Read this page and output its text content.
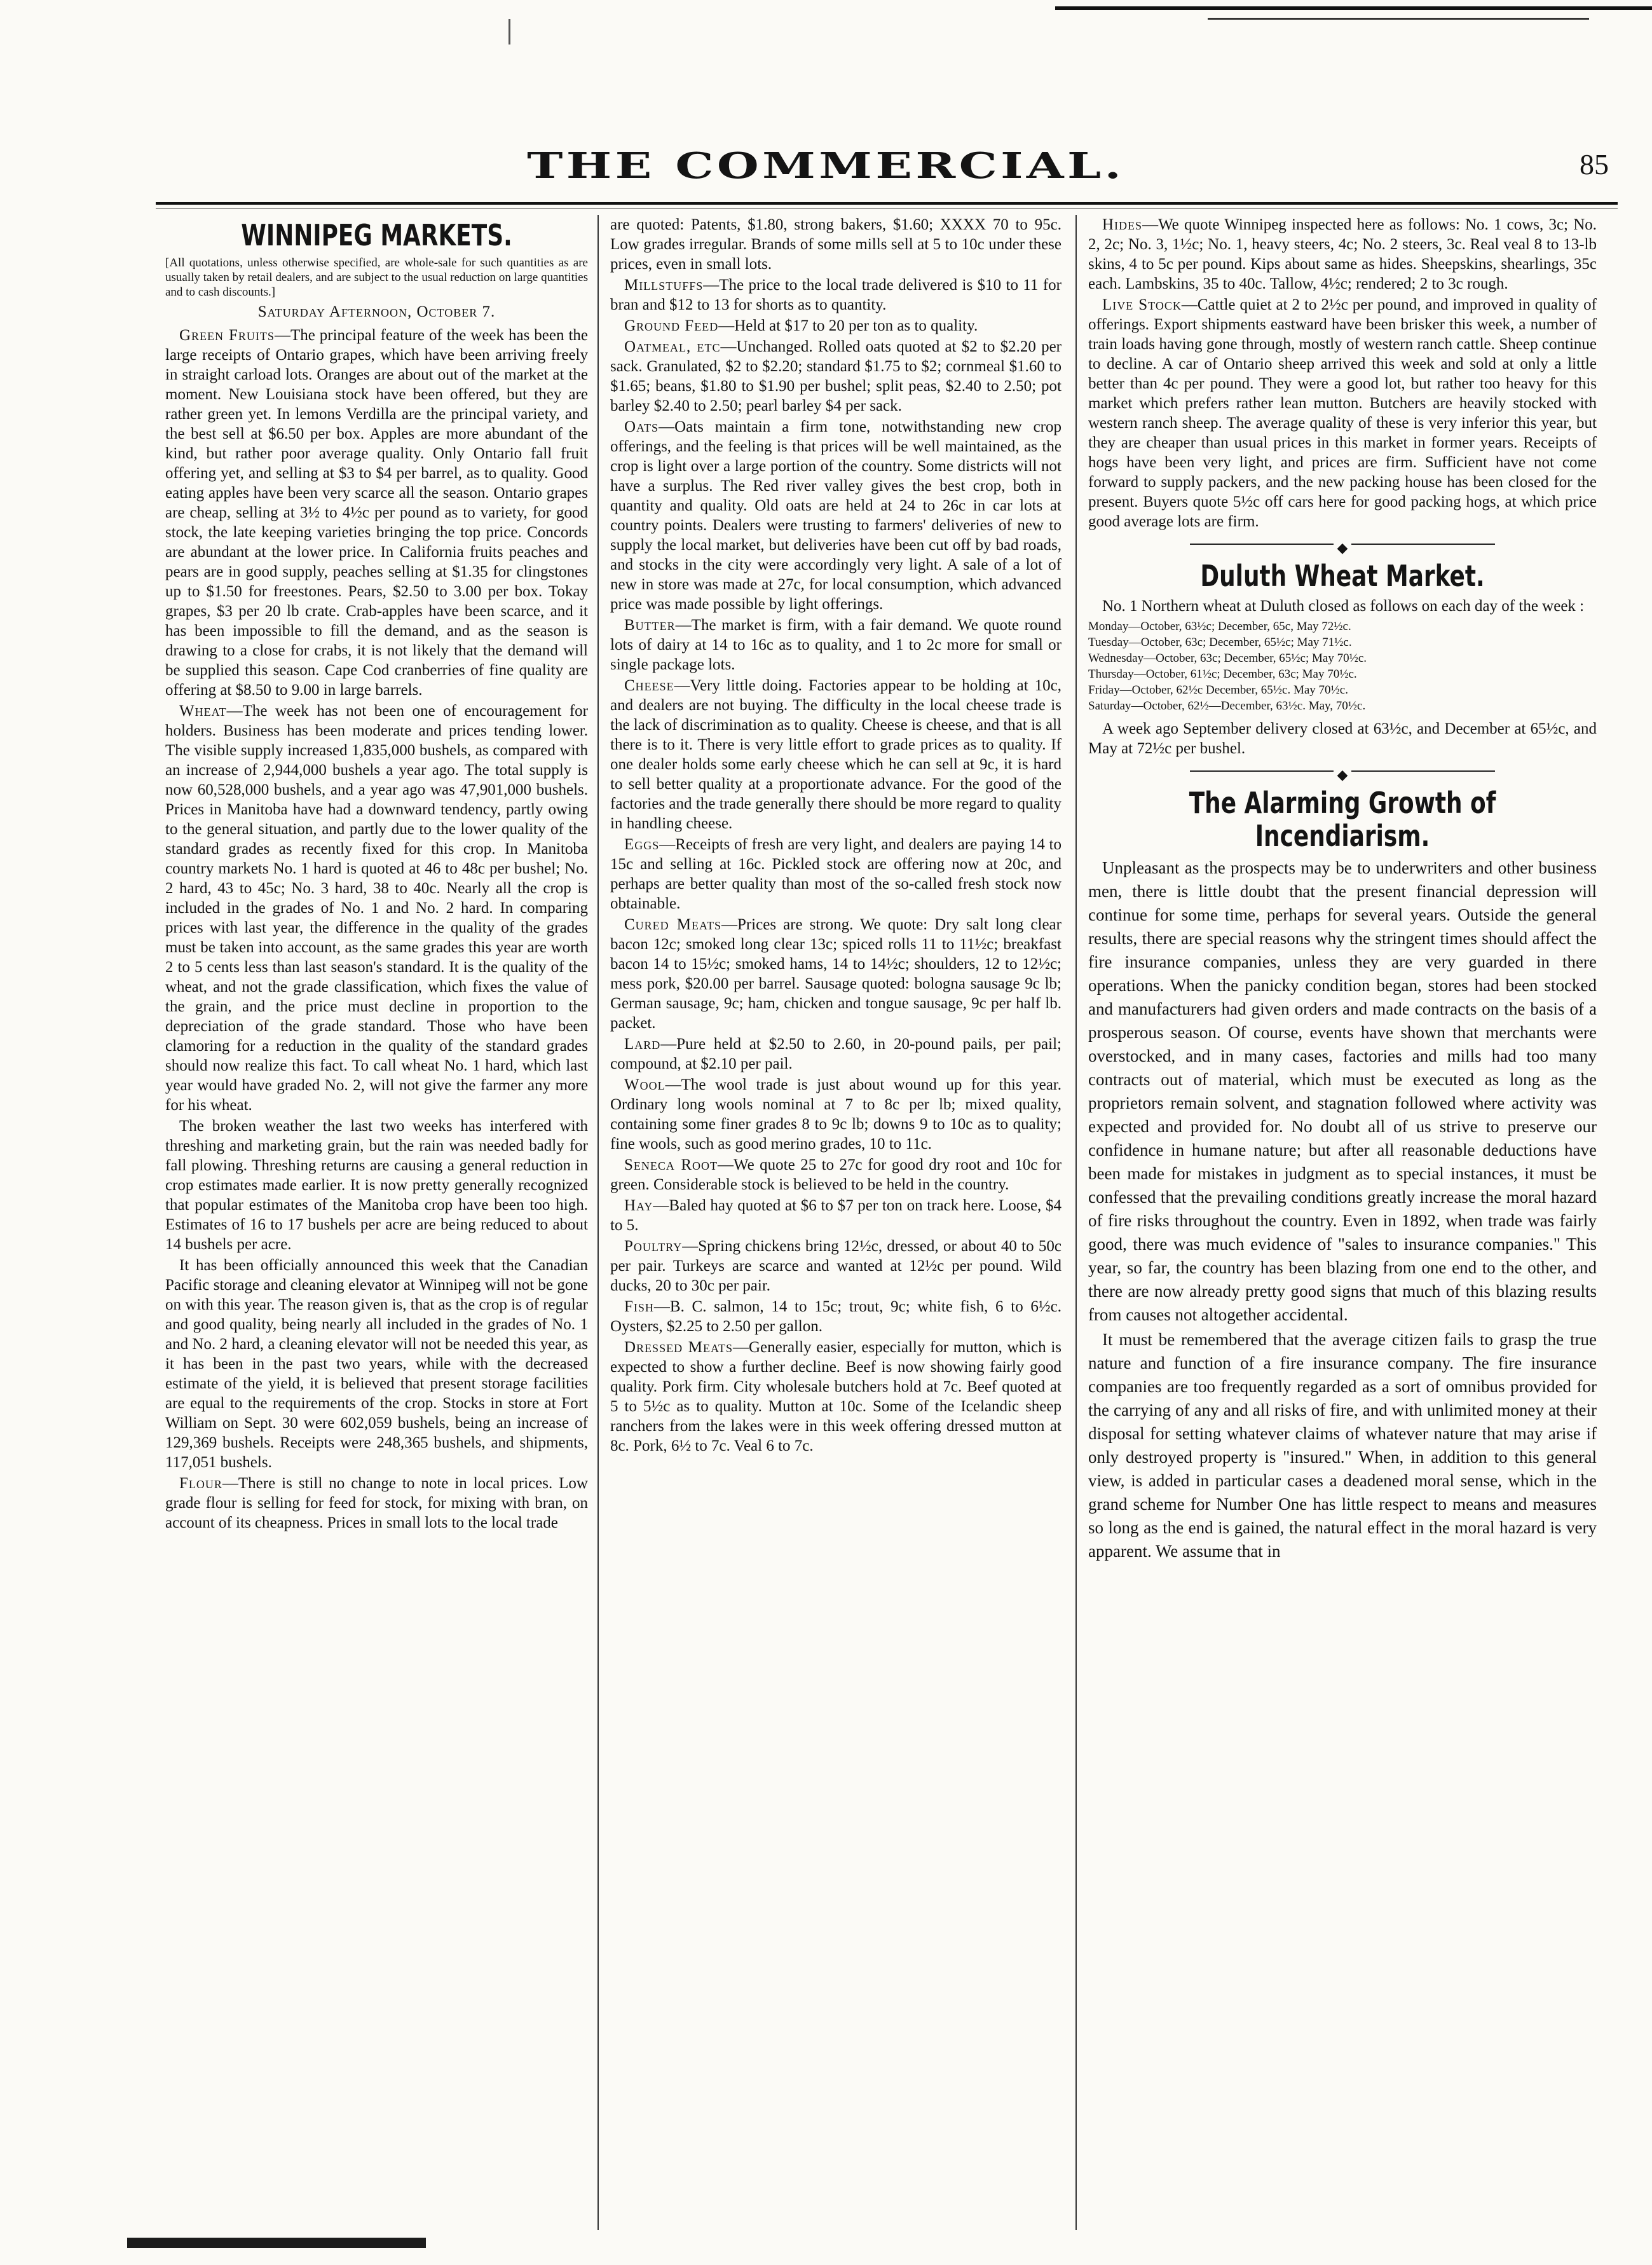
THE COMMERCIAL.	85
WINNIPEG MARKETS.

[All quotations, unless otherwise specified, are whole-sale for such quantities as are usually taken by retail dealers, and are subject to the usual reduction on large quantities and to cash discounts.]

Saturday Afternoon, October 7.

Green Fruits—The principal feature of the week has been the large receipts of Ontario grapes, which have been arriving freely in straight carload lots. Oranges are about out of the market at the moment. New Louisiana stock have been offered, but they are rather green yet. In lemons Verdilla are the principal variety, and the best sell at $6.50 per box. Apples are more abundant of the kind, but rather poor average quality. Only Ontario fall fruit offering yet, and selling at $3 to $4 per barrel, as to quality. Good eating apples have been very scarce all the season. Ontario grapes are cheap, selling at 3½ to 4½c per pound as to variety, for good stock, the late keeping varieties bringing the top price. Concords are abundant at the lower price. In California fruits peaches and pears are in good supply, peaches selling at $1.35 for clingstones up to $1.50 for freestones. Pears, $2.50 to 3.00 per box. Tokay grapes, $3 per 20 lb crate. Crab-apples have been scarce, and it has been impossible to fill the demand, and as the season is drawing to a close for crabs, it is not likely that the demand will be supplied this season. Cape Cod cranberries of fine quality are offering at $8.50 to 9.00 in large barrels.

Wheat—The week has not been one of encouragement for holders. Business has been moderate and prices tending lower. The visible supply increased 1,835,000 bushels, as compared with an increase of 2,944,000 bushels a year ago. The total supply is now 60,528,000 bushels, and a year ago was 47,901,000 bushels. Prices in Manitoba have had a downward tendency, partly owing to the general situation, and partly due to the lower quality of the standard grades as recently fixed for this crop. In Manitoba country markets No. 1 hard is quoted at 46 to 48c per bushel; No. 2 hard, 43 to 45c; No. 3 hard, 38 to 40c. Nearly all the crop is included in the grades of No. 1 and No. 2 hard. In comparing prices with last year, the difference in the quality of the grades must be taken into account, as the same grades this year are worth 2 to 5 cents less than last season's standard. It is the quality of the wheat, and not the grade classification, which fixes the value of the grain, and the price must decline in proportion to the depreciation of the grade standard. Those who have been clamoring for a reduction in the quality of the standard grades should now realize this fact. To call wheat No. 1 hard, which last year would have graded No. 2, will not give the farmer any more for his wheat.

The broken weather the last two weeks has interfered with threshing and marketing grain, but the rain was needed badly for fall plowing. Threshing returns are causing a general reduction in crop estimates made earlier. It is now pretty generally recognized that popular estimates of the Manitoba crop have been too high. Estimates of 16 to 17 bushels per acre are being reduced to about 14 bushels per acre.

It has been officially announced this week that the Canadian Pacific storage and cleaning elevator at Winnipeg will not be gone on with this year. The reason given is, that as the crop is of regular and good quality, being nearly all included in the grades of No. 1 and No. 2 hard, a cleaning elevator will not be needed this year, as it has been in the past two years, while with the decreased estimate of the yield, it is believed that present storage facilities are equal to the requirements of the crop. Stocks in store at Fort William on Sept. 30 were 602,059 bushels, being an increase of 129,369 bushels. Receipts were 248,365 bushels, and shipments, 117,051 bushels.

Flour—There is still no change to note in local prices. Low grade flour is selling for feed for stock, for mixing with bran, on account of its cheapness. Prices in small lots to the local trade

are quoted: Patents, $1.80, strong bakers, $1.60; XXXX 70 to 95c. Low grades irregular. Brands of some mills sell at 5 to 10c under these prices, even in small lots.

Millstuffs—The price to the local trade delivered is $10 to 11 for bran and $12 to 13 for shorts as to quantity.

Ground Feed—Held at $17 to 20 per ton as to quality.

Oatmeal, etc—Unchanged. Rolled oats quoted at $2 to $2.20 per sack. Granulated, $2 to $2.20; standard $1.75 to $2; cornmeal $1.60 to $1.65; beans, $1.80 to $1.90 per bushel; split peas, $2.40 to 2.50; pot barley $2.40 to 2.50; pearl barley $4 per sack.

Oats—Oats maintain a firm tone, notwithstanding new crop offerings, and the feeling is that prices will be well maintained, as the crop is light over a large portion of the country. Some districts will not have a surplus. The Red river valley gives the best crop, both in quantity and quality. Old oats are held at 24 to 26c in car lots at country points. Dealers were trusting to farmers' deliveries of new to supply the local market, but deliveries have been cut off by bad roads, and stocks in the city were accordingly very light. A sale of a lot of new in store was made at 27c, for local consumption, which advanced price was made possible by light offerings.

Butter—The market is firm, with a fair demand. We quote round lots of dairy at 14 to 16c as to quality, and 1 to 2c more for small or single package lots.

Cheese—Very little doing. Factories appear to be holding at 10c, and dealers are not buying. The difficulty in the local cheese trade is the lack of discrimination as to quality. Cheese is cheese, and that is all there is to it. There is very little effort to grade prices as to quality. If one dealer holds some early cheese which he can sell at 9c, it is hard to sell better quality at a proportionate advance. For the good of the factories and the trade generally there should be more regard to quality in handling cheese.

Eggs—Receipts of fresh are very light, and dealers are paying 14 to 15c and selling at 16c. Pickled stock are offering now at 20c, and perhaps are better quality than most of the so-called fresh stock now obtainable.

Cured Meats—Prices are strong. We quote: Dry salt long clear bacon 12c; smoked long clear 13c; spiced rolls 11 to 11½c; breakfast bacon 14 to 15½c; smoked hams, 14 to 14½c; shoulders, 12 to 12½c; mess pork, $20.00 per barrel. Sausage quoted: bologna sausage 9c lb; German sausage, 9c; ham, chicken and tongue sausage, 9c per half lb. packet.

Lard—Pure held at $2.50 to 2.60, in 20-pound pails, per pail; compound, at $2.10 per pail.

Wool—The wool trade is just about wound up for this year. Ordinary long wools nominal at 7 to 8c per lb; mixed quality, containing some finer grades 8 to 9c lb; downs 9 to 10c as to quality; fine wools, such as good merino grades, 10 to 11c.

Seneca Root—We quote 25 to 27c for good dry root and 10c for green. Considerable stock is believed to be held in the country.

Hay—Baled hay quoted at $6 to $7 per ton on track here. Loose, $4 to 5.

Poultry—Spring chickens bring 12½c, dressed, or about 40 to 50c per pair. Turkeys are scarce and wanted at 12½c per pound. Wild ducks, 20 to 30c per pair.

Fish—B. C. salmon, 14 to 15c; trout, 9c; white fish, 6 to 6½c. Oysters, $2.25 to 2.50 per gallon.

Dressed Meats—Generally easier, especially for mutton, which is expected to show a further decline. Beef is now showing fairly good quality. Pork firm. City wholesale butchers hold at 7c. Beef quoted at 5 to 5½c as to quality. Mutton at 10c. Some of the Icelandic sheep ranchers from the lakes were in this week offering dressed mutton at 8c. Pork, 6½ to 7c. Veal 6 to 7c.

Hides—We quote Winnipeg inspected here as follows: No. 1 cows, 3c; No. 2, 2c; No. 3, 1½c; No. 1, heavy steers, 4c; No. 2 steers, 3c. Real veal 8 to 13-lb skins, 4 to 5c per pound. Kips about same as hides. Sheepskins, shearlings, 35c each. Lambskins, 35 to 40c. Tallow, 4½c; rendered; 2 to 3c rough.

Live Stock—Cattle quiet at 2 to 2½c per pound, and improved in quality of offerings. Export shipments eastward have been brisker this week, a number of train loads having gone through, mostly of western ranch cattle. Sheep continue to decline. A car of Ontario sheep arrived this week and sold at only a little better than 4c per pound. They were a good lot, but rather too heavy for this market which prefers rather lean mutton. Butchers are heavily stocked with western ranch sheep. The average quality of these is very inferior this year, but they are cheaper than usual prices in this market in former years. Receipts of hogs have been very light, and prices are firm. Sufficient have not come forward to supply packers, and the new packing house has been closed for the present. Buyers quote 5½c off cars here for good packing hogs, at which price good average lots are firm.

◆
Duluth Wheat Market.

No. 1 Northern wheat at Duluth closed as follows on each day of the week :

Monday—October, 63½c; December, 65c, May 72½c.
Tuesday—October, 63c; December, 65½c; May 71½c.
Wednesday—October, 63c; December, 65½c; May 70½c.
Thursday—October, 61½c; December, 63c; May 70½c.
Friday—October, 62½c December, 65½c. May 70½c.
Saturday—October, 62½—December, 63½c. May, 70½c.

A week ago September delivery closed at 63½c, and December at 65½c, and May at 72½c per bushel.

◆
The Alarming Growth of Incendiarism.

Unpleasant as the prospects may be to underwriters and other business men, there is little doubt that the present financial depression will continue for some time, perhaps for several years. Outside the general results, there are special reasons why the stringent times should affect the fire insurance companies, unless they are very guarded in there operations. When the panicky condition began, stores had been stocked and manufacturers had given orders and made contracts on the basis of a prosperous season. Of course, events have shown that merchants were overstocked, and in many cases, factories and mills had too many contracts out of material, which must be executed as long as the proprietors remain solvent, and stagnation followed where activity was expected and provided for. No doubt all of us strive to preserve our confidence in humane nature; but after all reasonable deductions have been made for mistakes in judgment as to special instances, it must be confessed that the prevailing conditions greatly increase the moral hazard of fire risks throughout the country. Even in 1892, when trade was fairly good, there was much evidence of "sales to insurance companies." This year, so far, the country has been blazing from one end to the other, and there are now already pretty good signs that much of this blazing results from causes not altogether accidental.

It must be remembered that the average citizen fails to grasp the true nature and function of a fire insurance company. The fire insurance companies are too frequently regarded as a sort of omnibus provided for the carrying of any and all risks of fire, and with unlimited money at their disposal for setting whatever claims of whatever nature that may arise if only destroyed property is "insured." When, in addition to this general view, is added in particular cases a deadened moral sense, which in the grand scheme for Number One has little respect to means and measures so long as the end is gained, the natural effect in the moral hazard is very apparent. We assume that in
